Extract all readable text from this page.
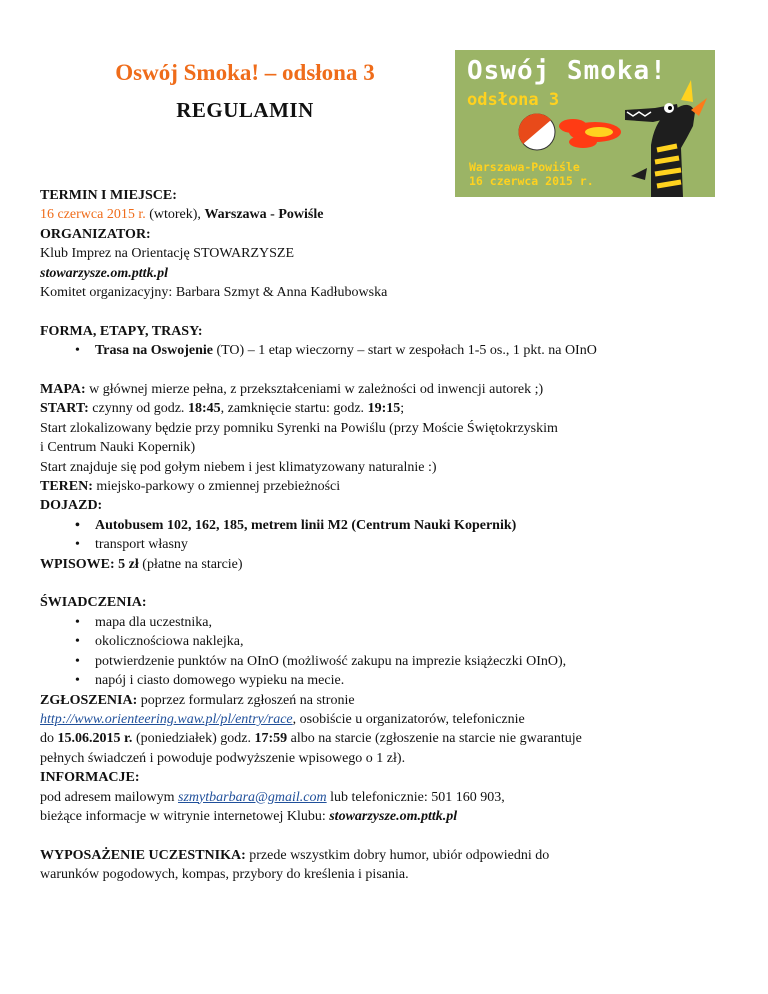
Oswój Smoka! – odsłona 3
REGULAMIN
Oswój Smoka!
odsłona 3
Warszawa-Powiśle
16 czerwca 2015 r.

TERMIN I MIEJSCE:

16 czerwca 2015 r. (wtorek), Warszawa - Powiśle

ORGANIZATOR:

Klub Imprez na Orientację STOWARZYSZE

stowarzysze.om.pttk.pl

Komitet organizacyjny: Barbara Szmyt & Anna Kadłubowska

FORMA, ETAPY, TRASY:

• Trasa na Oswojenie (TO) – 1 etap wieczorny – start w zespołach 1-5 os., 1 pkt. na OInO

MAPA: w głównej mierze pełna, z przekształceniami w zależności od inwencji autorek ;)

START: czynny od godz. 18:45, zamknięcie startu: godz. 19:15;

Start zlokalizowany będzie przy pomniku Syrenki na Powiślu (przy Moście Świętokrzyskim

i Centrum Nauki Kopernik)

Start znajduje się pod gołym niebem i jest klimatyzowany naturalnie :)

TEREN: miejsko-parkowy o zmiennej przebieżności

DOJAZD:

• Autobusem 102, 162, 185, metrem linii M2 (Centrum Nauki Kopernik)
• transport własny

WPISOWE: 5 zł (płatne na starcie)

ŚWIADCZENIA:

• mapa dla uczestnika,
• okolicznościowa naklejka,
• potwierdzenie punktów na OInO (możliwość zakupu na imprezie książeczki OInO),
• napój i ciasto domowego wypieku na mecie.

ZGŁOSZENIA: poprzez formularz zgłoszeń na stronie

http://www.orienteering.waw.pl/pl/entry/race, osobiście u organizatorów, telefonicznie

do 15.06.2015 r. (poniedziałek) godz. 17:59 albo na starcie (zgłoszenie na starcie nie gwarantuje

pełnych świadczeń i powoduje podwyższenie wpisowego o 1 zł).

INFORMACJE:

pod adresem mailowym szmytbarbara@gmail.com lub telefonicznie: 501 160 903,

bieżące informacje w witrynie internetowej Klubu: stowarzysze.om.pttk.pl

WYPOSAŻENIE UCZESTNIKA: przede wszystkim dobry humor, ubiór odpowiedni do

warunków pogodowych, kompas, przybory do kreślenia i pisania.
